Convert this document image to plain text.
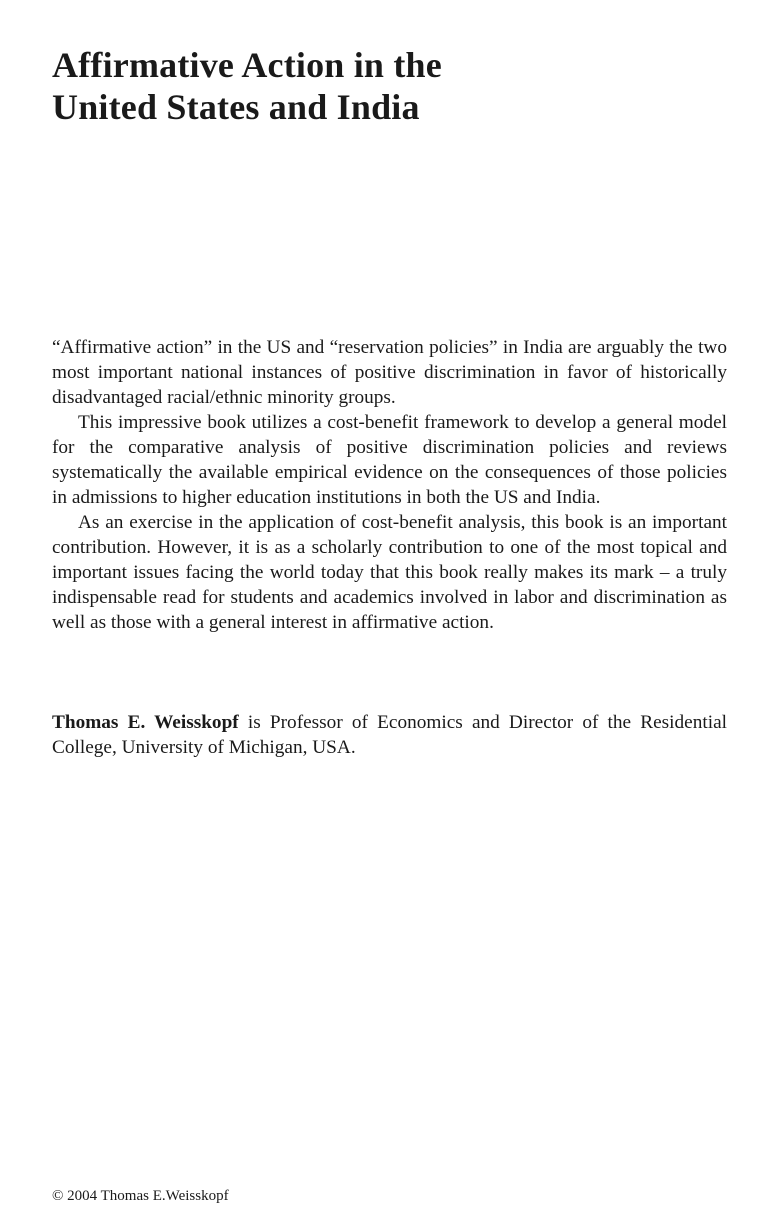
Affirmative Action in the
United States and India

“Affirmative action” in the US and “reservation policies” in India are arguably the two most important national instances of positive discrimination in favor of historically disadvantaged racial/ethnic minority groups.

This impressive book utilizes a cost-benefit framework to develop a general model for the comparative analysis of positive discrimination policies and reviews systematically the available empirical evidence on the consequences of those policies in admissions to higher education institutions in both the US and India.

As an exercise in the application of cost-benefit analysis, this book is an important contribution. However, it is as a scholarly contribution to one of the most topical and important issues facing the world today that this book really makes its mark – a truly indispensable read for students and academics involved in labor and discrimination as well as those with a general interest in affirmative action.

Thomas E. Weisskopf is Professor of Economics and Director of the Residential College, University of Michigan, USA.

© 2004 Thomas E.Weisskopf
